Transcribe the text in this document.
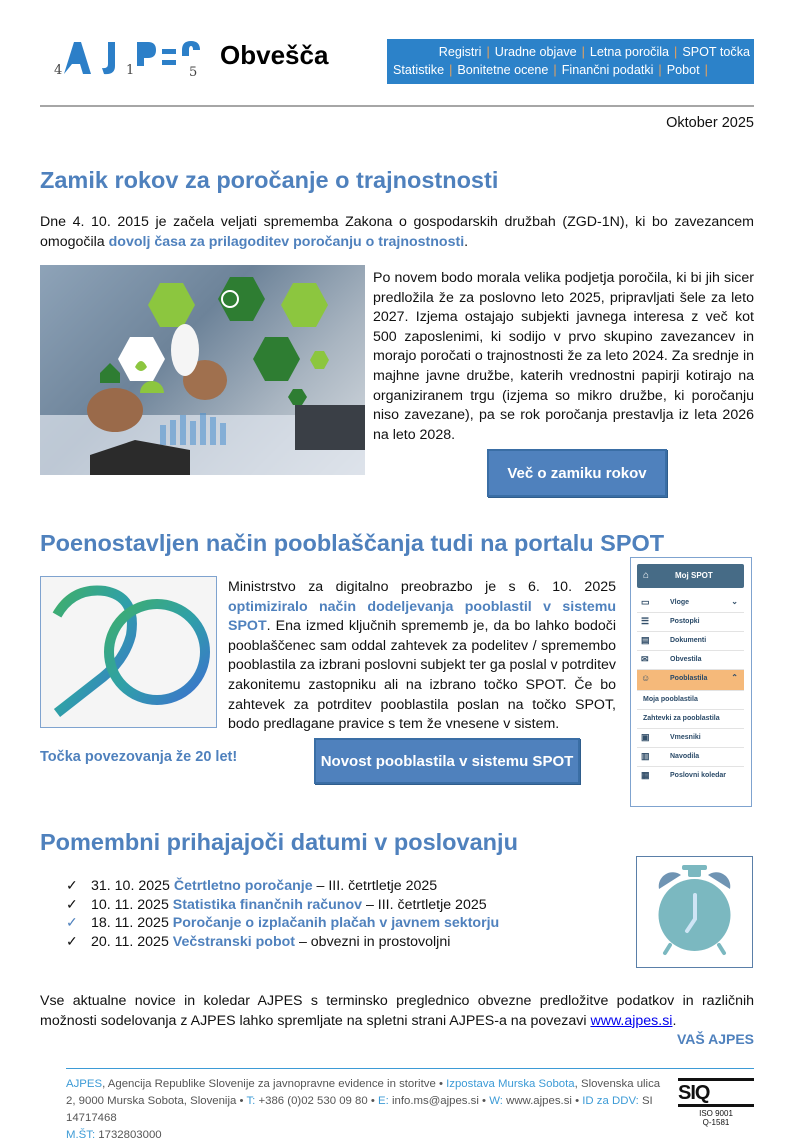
4	1	5
Obvešča	Registri | Uradne objave | Letna poročila | SPOT točka
Statistike | Bonitetne ocene | Finančni podatki | Pobot |
Oktober 2025
Zamik rokov za poročanje o trajnostnosti
Dne 4. 10. 2015 je začela veljati sprememba Zakona o gospodarskih družbah (ZGD-1N), ki bo zavezancem omogočila dovolj časa za prilagoditev poročanju o trajnostnosti.
Po novem bodo morala velika podjetja poročila, ki bi jih sicer predložila že za poslovno leto 2025, pripravljati šele za leto 2027. Izjema ostajajo subjekti javnega interesa z več kot 500 zaposlenimi, ki sodijo v prvo skupino zavezancev in morajo poročati o trajnostnosti že za leto 2024. Za srednje in majhne javne družbe, katerih vrednostni papirji kotirajo na organiziranem trgu (izjema so mikro družbe, ki poročanju niso zavezane), pa se rok poročanja prestavlja iz leta 2026 na leto 2028.
Več o zamiku rokov
Poenostavljen način pooblaščanja tudi na portalu SPOT
Ministrstvo za digitalno preobrazbo je s 6. 10. 2025 optimiziralo način dodeljevanja pooblastil v sistemu SPOT. Ena izmed ključnih sprememb je, da bo lahko bodoči pooblaščenec sam oddal zahtevek za podelitev / spremembo pooblastila za izbrani poslovni subjekt ter ga poslal v potrditev zakonitemu zastopniku ali na izbrano točko SPOT. Če bo zahtevek za potrditev pooblastila poslan na točko SPOT, bodo predlagane pravice s tem že vnesene v sistem.
Točka povezovanja že 20 let!	Novost pooblastila v sistemu SPOT
⌂	Moj SPOT
▭	Vloge	⌄
☰	Postopki
▤	Dokumenti
✉	Obvestila
☺	Pooblastila	⌃
Moja pooblastila
Zahtevki za pooblastila
▣	Vmesniki
▥	Navodila
▦	Poslovni koledar
Pomembni prihajajoči datumi v poslovanju
✓ 31. 10. 2025 Četrtletno poročanje – III. četrtletje 2025
✓ 10. 11. 2025 Statistika finančnih računov – III. četrtletje 2025
✓ 18. 11. 2025 Poročanje o izplačanih plačah v javnem sektorju
✓ 20. 11. 2025 Večstranski pobot – obvezni in prostovoljni
Vse aktualne novice in koledar AJPES s terminsko preglednico obvezne predložitve podatkov in različnih možnosti sodelovanja z AJPES lahko spremljate na spletni strani AJPES-a na povezavi www.ajpes.si.
VAŠ AJPES
AJPES, Agencija Republike Slovenije za javnopravne evidence in storitve • Izpostava Murska Sobota, Slovenska ulica 2, 9000 Murska Sobota, Slovenija • T: +386 (0)02 530 09 80 • E: info.ms@ajpes.si • W: www.ajpes.si • ID za DDV: SI 14717468
M.ŠT: 1732803000
SIQ
ISO 9001
Q-1581
